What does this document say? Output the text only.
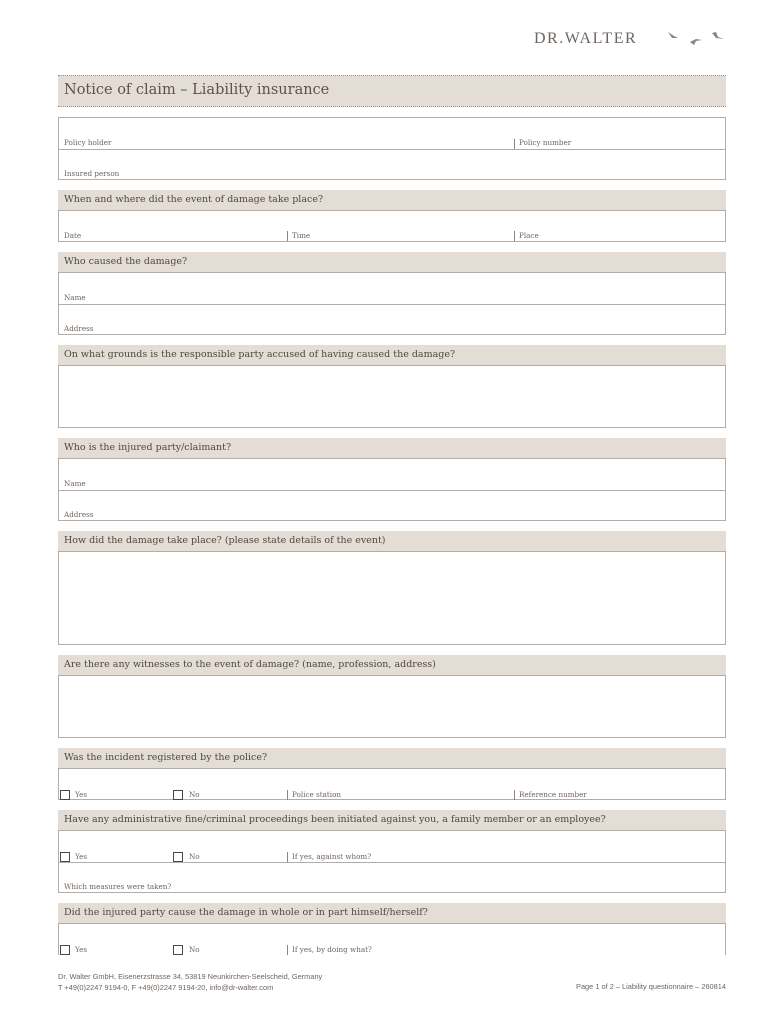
DR.WALTER
Notice of claim – Liability insurance
Policy holder	Policy number
Insured person
When and where did the event of damage take place?
Date	Time	Place
Who caused the damage?
Name
Address
On what grounds is the responsible party accused of having caused the damage?
Who is the injured party/claimant?
Name
Address
How did the damage take place? (please state details of the event)
Are there any witnesses to the event of damage? (name, profession, address)
Was the incident registered by the police?
Yes	No	Police station	Reference number
Have any administrative fine/criminal proceedings been initiated against you, a family member or an employee?
Yes	No	If yes, against whom?
Which measures were taken?
Did the injured party cause the damage in whole or in part himself/herself?
Yes	No	If yes, by doing what?
Dr. Walter GmbH, Eisenerzstrasse 34, 53819 Neunkirchen-Seelscheid, Germany
T +49(0)2247 9194-0, F +49(0)2247 9194-20, info@dr-walter.com	Page 1 of 2 – Liability questionnaire – 260814
